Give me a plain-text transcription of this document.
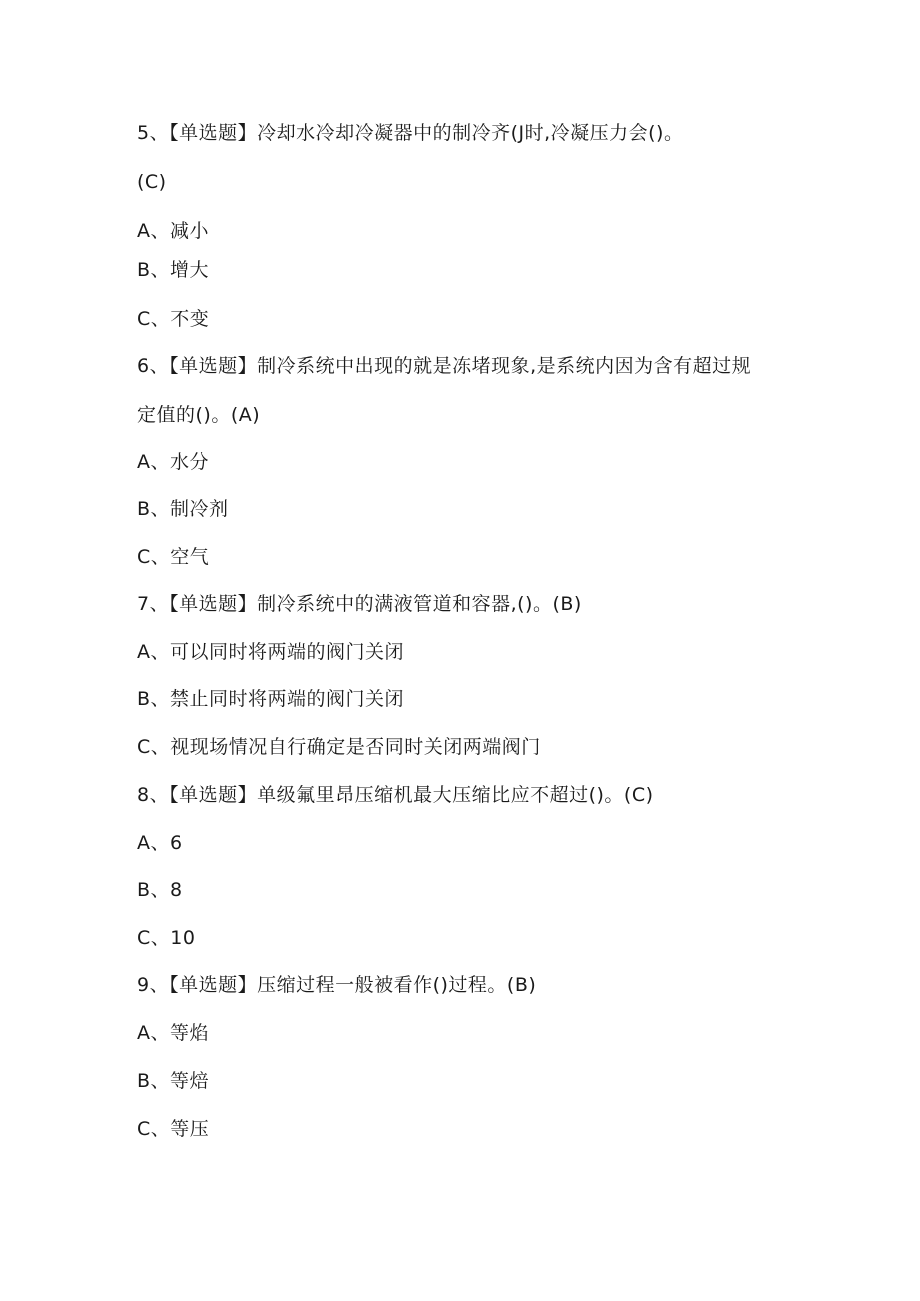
5、【单选题】冷却水冷却冷凝器中的制冷齐(J时,冷凝压力会()。
(C)
A、减小
B、增大
C、不变
6、【单选题】制冷系统中出现的就是冻堵现象,是系统内因为含有超过规
定值的()。(A)
A、水分
B、制冷剂
C、空气
7、【单选题】制冷系统中的满液管道和容器,()。(B)
A、可以同时将两端的阀门关闭
B、禁止同时将两端的阀门关闭
C、视现场情况自行确定是否同时关闭两端阀门
8、【单选题】单级氟里昂压缩机最大压缩比应不超过()。(C)
A、6
B、8
C、10
9、【单选题】压缩过程一般被看作()过程。(B)
A、等焰
B、等焙
C、等压
